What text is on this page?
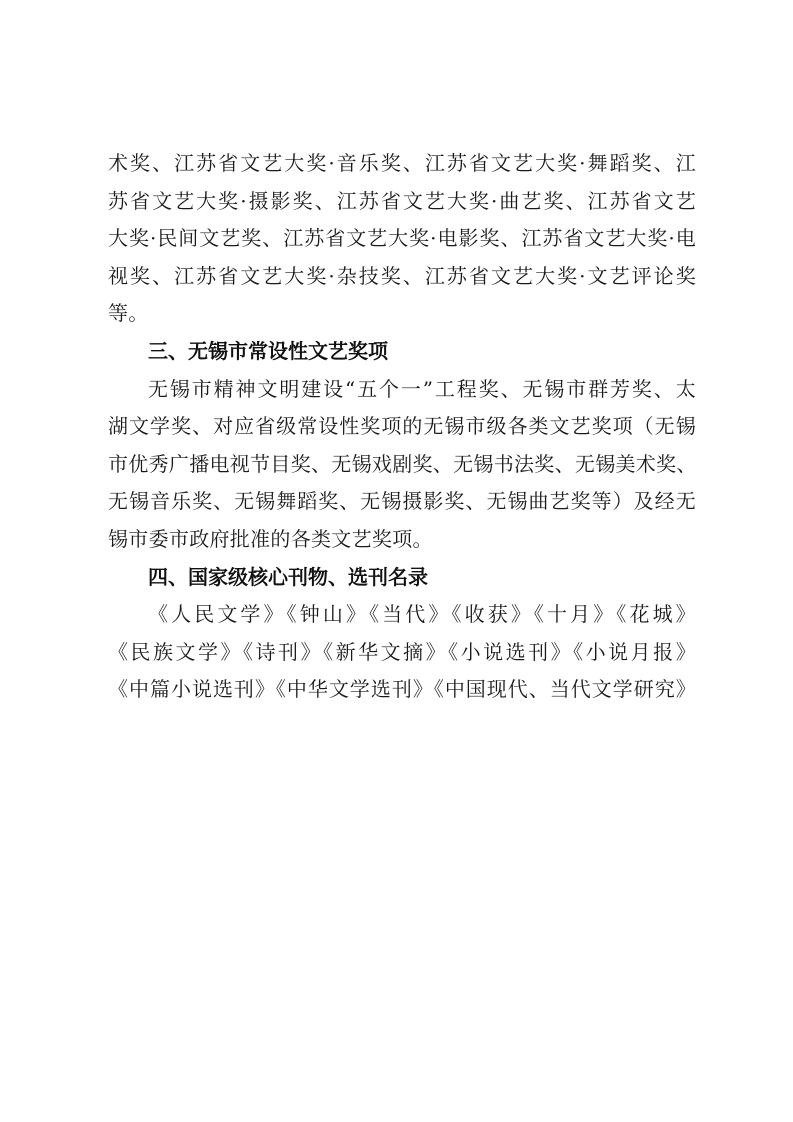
术奖、江苏省文艺大奖·音乐奖、江苏省文艺大奖·舞蹈奖、江
苏省文艺大奖·摄影奖、江苏省文艺大奖·曲艺奖、江苏省文艺
大奖·民间文艺奖、江苏省文艺大奖·电影奖、江苏省文艺大奖·电
视奖、江苏省文艺大奖·杂技奖、江苏省文艺大奖·文艺评论奖
等。

三、无锡市常设性文艺奖项

无锡市精神文明建设“五个一”工程奖、无锡市群芳奖、太
湖文学奖、对应省级常设性奖项的无锡市级各类文艺奖项（无锡
市优秀广播电视节目奖、无锡戏剧奖、无锡书法奖、无锡美术奖、
无锡音乐奖、无锡舞蹈奖、无锡摄影奖、无锡曲艺奖等）及经无
锡市委市政府批准的各类文艺奖项。

四、国家级核心刊物、选刊名录

《人民文学》《钟山》《当代》《收获》《十月》《花城》
《民族文学》《诗刊》《新华文摘》《小说选刊》《小说月报》
《中篇小说选刊》《中华文学选刊》《中国现代、当代文学研究》
